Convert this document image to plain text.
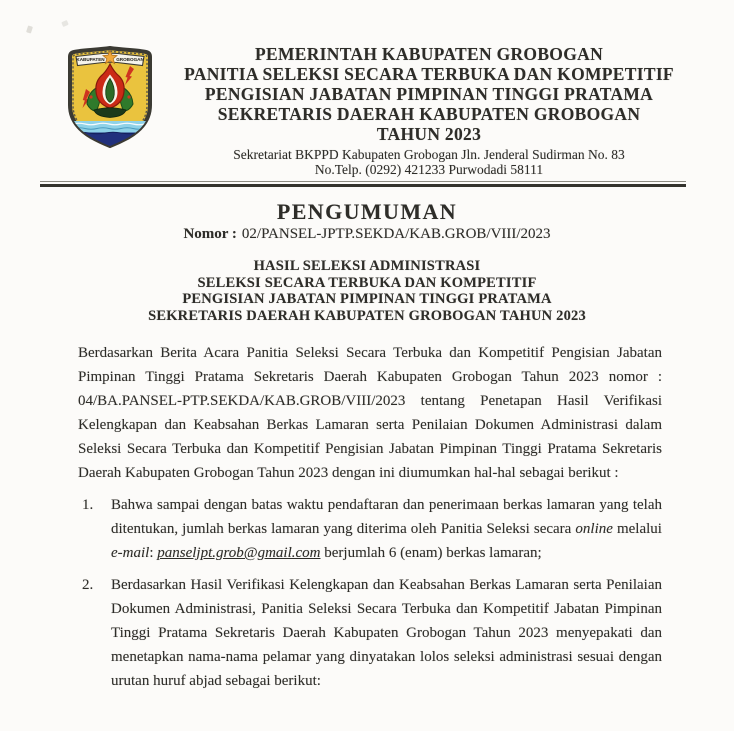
KABUPATEN	GROBOGAN	PEMERINTAH KABUPATEN GROBOGAN
PANITIA SELEKSI SECARA TERBUKA DAN KOMPETITIF
PENGISIAN JABATAN PIMPINAN TINGGI PRATAMA
SEKRETARIS DAERAH KABUPATEN GROBOGAN
TAHUN 2023
Sekretariat BKPPD Kabupaten Grobogan Jln. Jenderal Sudirman No. 83
No.Telp. (0292) 421233 Purwodadi 58111
PENGUMUMAN
Nomor : 02/PANSEL-JPTP.SEKDA/KAB.GROB/VIII/2023
HASIL SELEKSI ADMINISTRASI
SELEKSI SECARA TERBUKA DAN KOMPETITIF
PENGISIAN JABATAN PIMPINAN TINGGI PRATAMA
SEKRETARIS DAERAH KABUPATEN GROBOGAN TAHUN 2023
Berdasarkan Berita Acara Panitia Seleksi Secara Terbuka dan Kompetitif Pengisian Jabatan Pimpinan Tinggi Pratama Sekretaris Daerah Kabupaten Grobogan Tahun 2023 nomor : 04/BA.PANSEL-PTP.SEKDA/KAB.GROB/VIII/2023 tentang Penetapan Hasil Verifikasi Kelengkapan dan Keabsahan Berkas Lamaran serta Penilaian Dokumen Administrasi dalam Seleksi Secara Terbuka dan Kompetitif Pengisian Jabatan Pimpinan Tinggi Pratama Sekretaris Daerah Kabupaten Grobogan Tahun 2023 dengan ini diumumkan hal-hal sebagai berikut :
1.	Bahwa sampai dengan batas waktu pendaftaran dan penerimaan berkas lamaran yang telah ditentukan, jumlah berkas lamaran yang diterima oleh Panitia Seleksi secara online melalui e-mail: panseljpt.grob@gmail.com berjumlah 6 (enam) berkas lamaran;
2.	Berdasarkan Hasil Verifikasi Kelengkapan dan Keabsahan Berkas Lamaran serta Penilaian Dokumen Administrasi, Panitia Seleksi Secara Terbuka dan Kompetitif Jabatan Pimpinan Tinggi Pratama Sekretaris Daerah Kabupaten Grobogan Tahun 2023 menyepakati dan menetapkan nama-nama pelamar yang dinyatakan lolos seleksi administrasi sesuai dengan urutan huruf abjad sebagai berikut:
